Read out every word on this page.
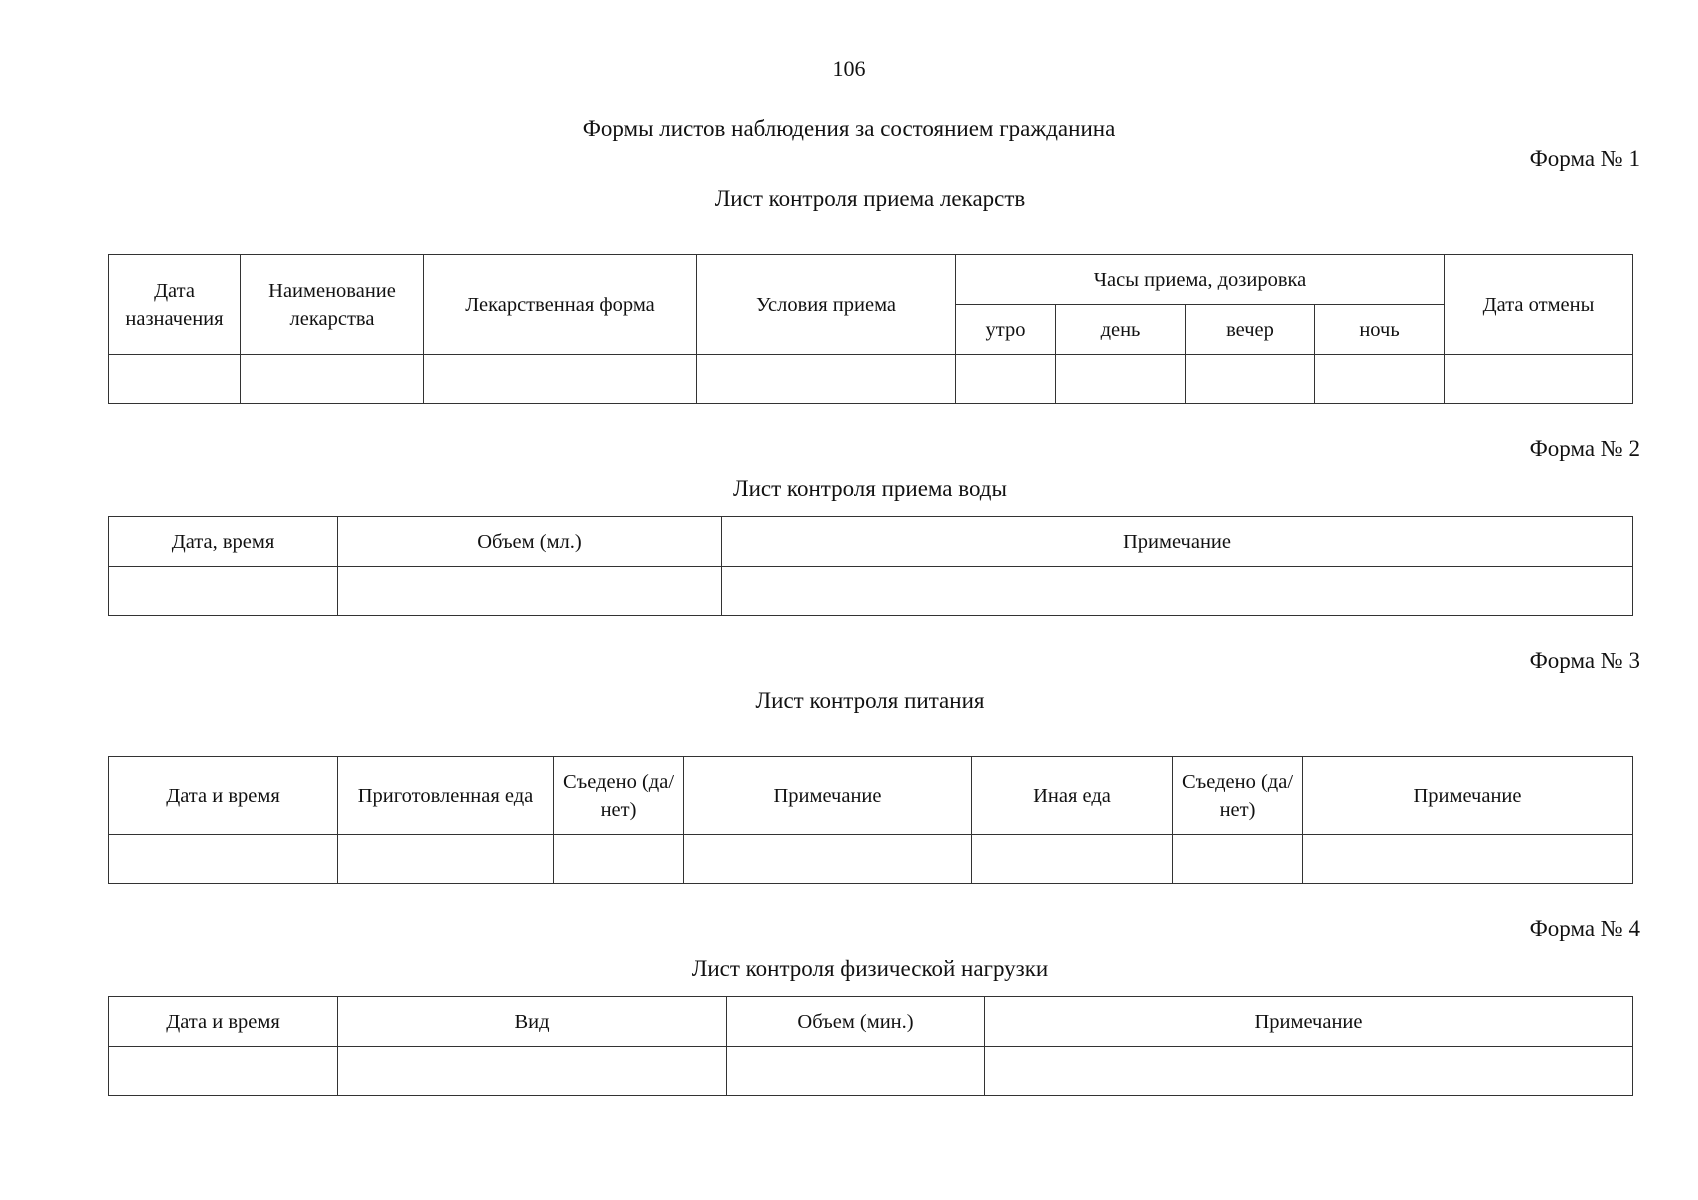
106
Формы листов наблюдения за состоянием гражданина
Форма № 1
Лист контроля приема лекарств
Дата назначения	Наименование лекарства	Лекарственная форма	Условия приема	Часы приема, дозировка				Дата отмены
				утро	день	вечер	ночь	

Форма № 2
Лист контроля приема воды
Дата, время	Объем (мл.)	Примечание

Форма № 3
Лист контроля питания
Дата и время	Приготовленная еда	Съедено (да/нет)	Примечание	Иная еда	Съедено (да/нет)	Примечание

Форма № 4
Лист контроля физической нагрузки
Дата и время	Вид	Объем (мин.)	Примечание
